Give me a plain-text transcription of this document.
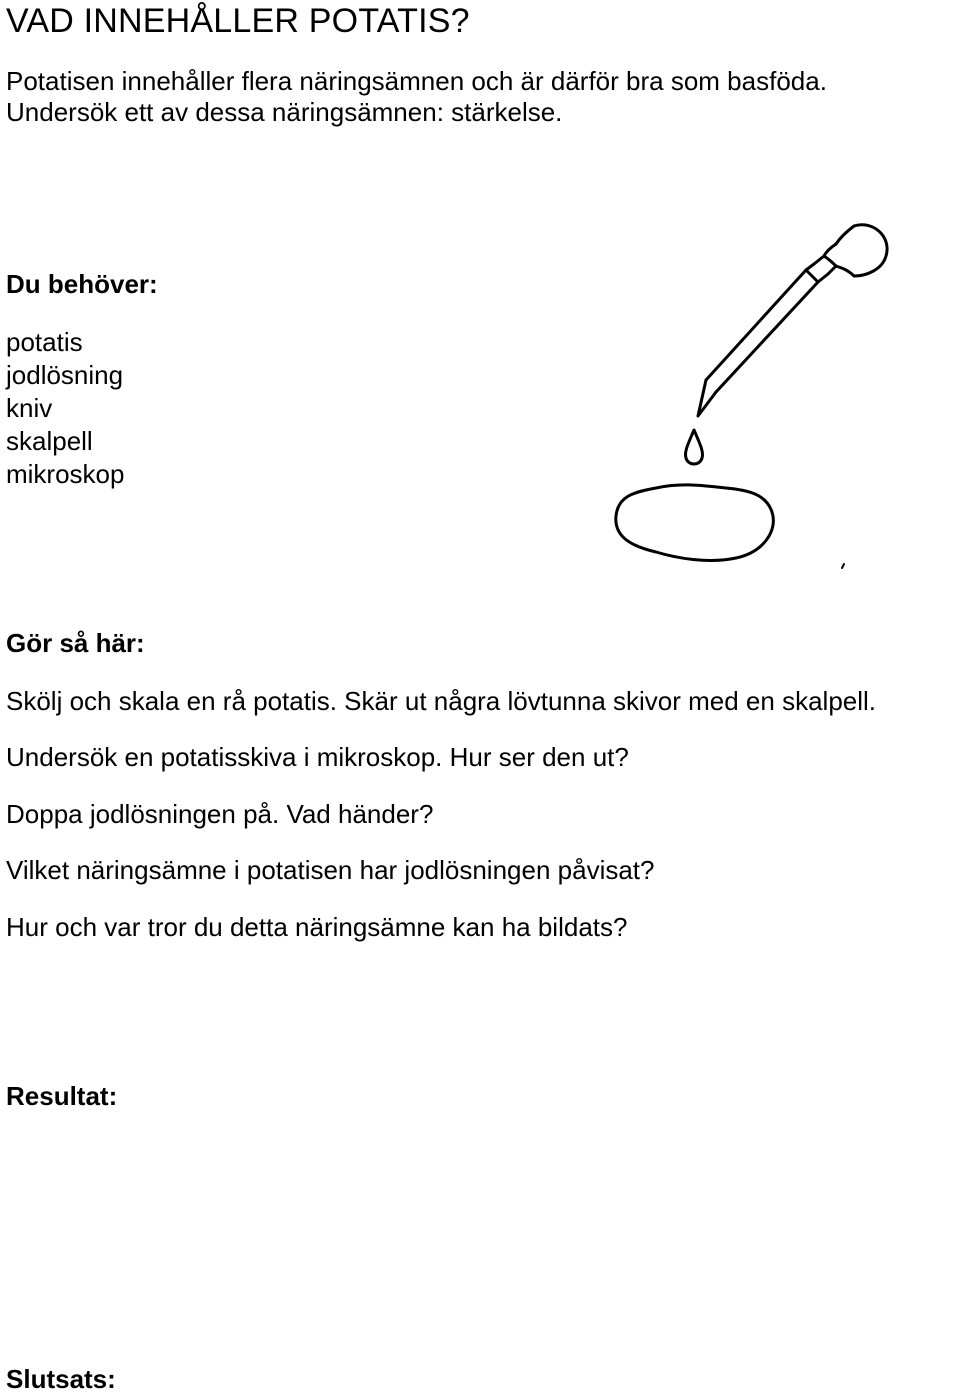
VAD INNEHÅLLER POTATIS?
Potatisen innehåller flera näringsämnen och är därför bra som basföda.
Undersök ett av dessa näringsämnen: stärkelse.
Du behöver:
potatis
jodlösning
kniv
skalpell
mikroskop
Gör så här:
Skölj och skala en rå potatis. Skär ut några lövtunna skivor med en skalpell.
Undersök en potatisskiva i mikroskop. Hur ser den ut?
Doppa jodlösningen på. Vad händer?
Vilket näringsämne i potatisen har jodlösningen påvisat?
Hur och var tror du detta näringsämne kan ha bildats?
Resultat:
Slutsats:
